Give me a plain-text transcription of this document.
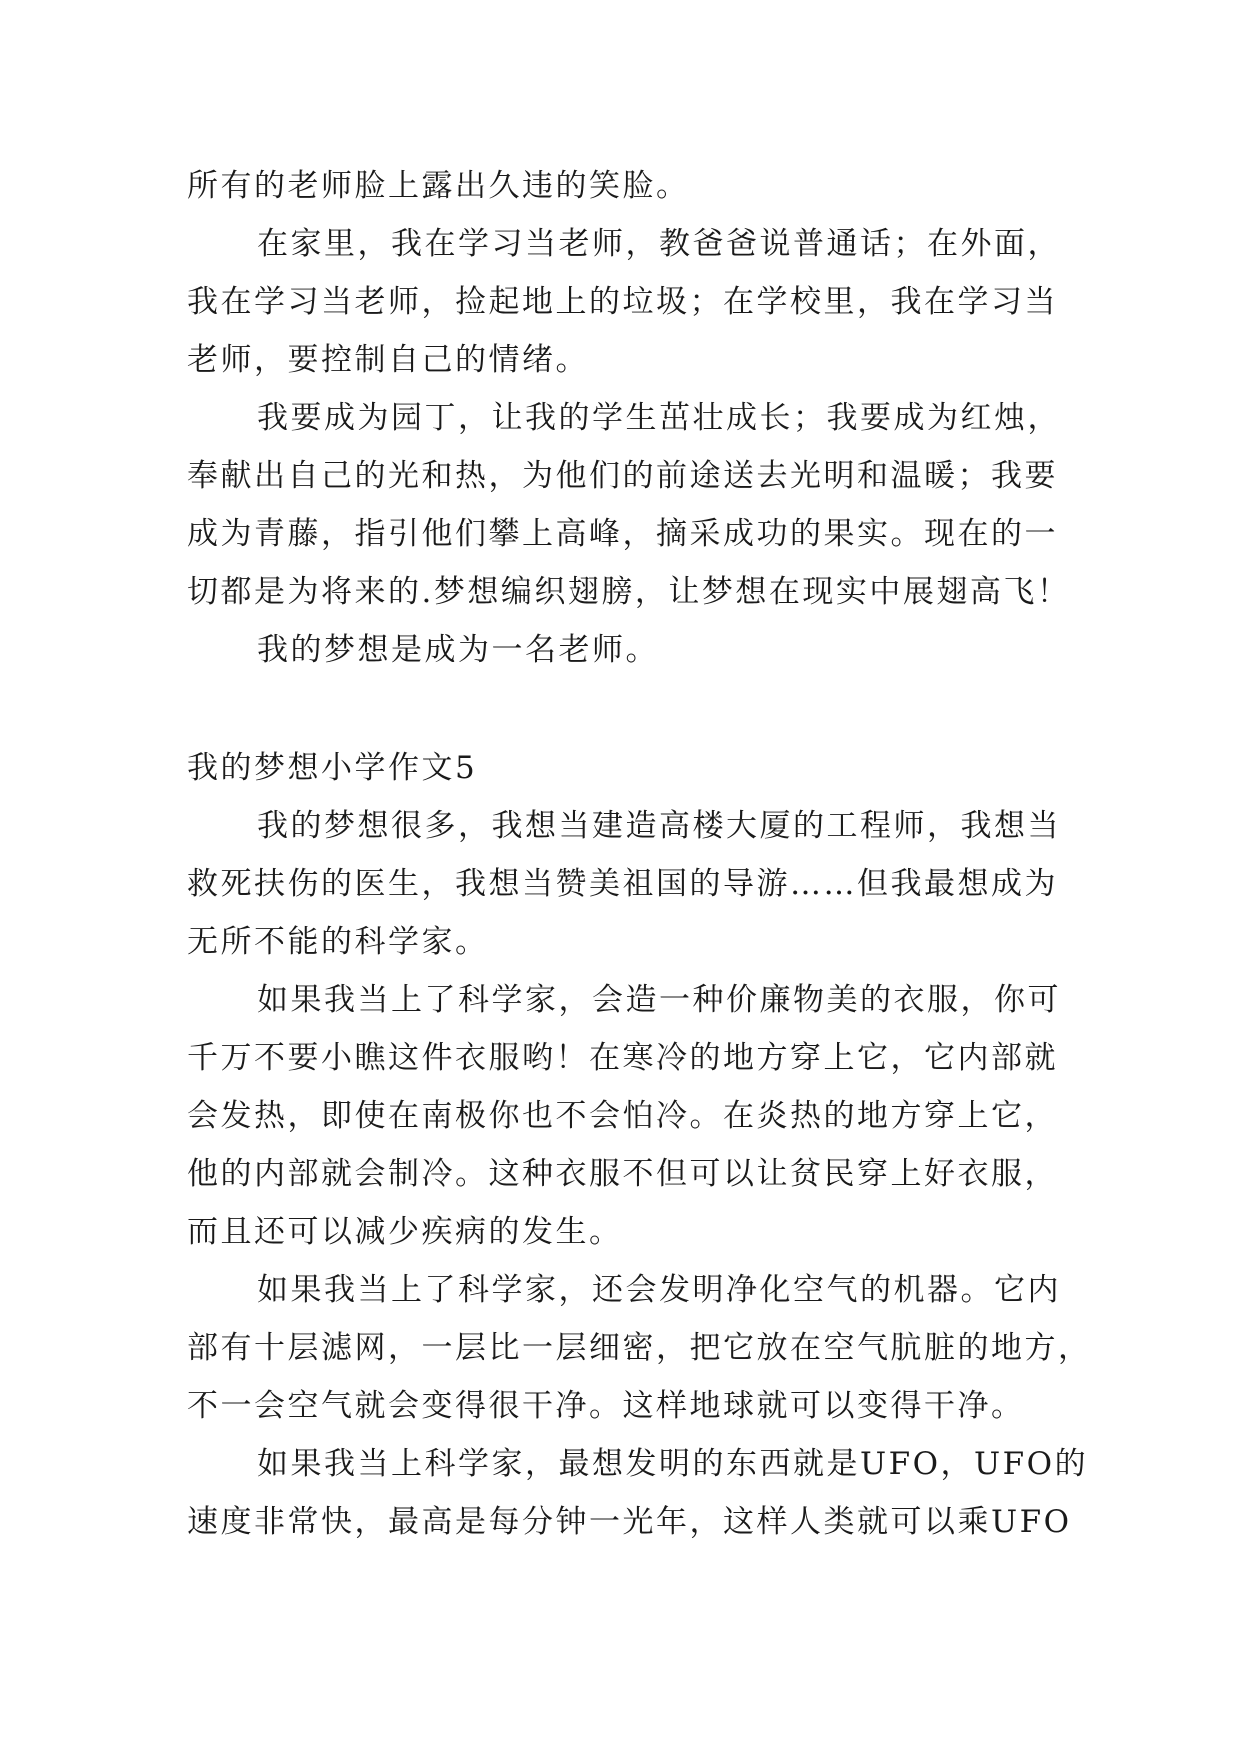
所有的老师脸上露出久违的笑脸。
在家里，我在学习当老师，教爸爸说普通话；在外面，
我在学习当老师，捡起地上的垃圾；在学校里，我在学习当
老师，要控制自己的情绪。
我要成为园丁，让我的学生茁壮成长；我要成为红烛，
奉献出自己的光和热，为他们的前途送去光明和温暖；我要
成为青藤，指引他们攀上高峰，摘采成功的果实。现在的一
切都是为将来的.梦想编织翅膀，让梦想在现实中展翅高飞！
我的梦想是成为一名老师。
我的梦想小学作文5
我的梦想很多，我想当建造高楼大厦的工程师，我想当
救死扶伤的医生，我想当赞美祖国的导游……但我最想成为
无所不能的科学家。
如果我当上了科学家，会造一种价廉物美的衣服，你可
千万不要小瞧这件衣服哟！在寒冷的地方穿上它，它内部就
会发热，即使在南极你也不会怕冷。在炎热的地方穿上它，
他的内部就会制冷。这种衣服不但可以让贫民穿上好衣服，
而且还可以减少疾病的发生。
如果我当上了科学家，还会发明净化空气的机器。它内
部有十层滤网，一层比一层细密，把它放在空气肮脏的地方，
不一会空气就会变得很干净。这样地球就可以变得干净。
如果我当上科学家，最想发明的东西就是UFO，UFO的
速度非常快，最高是每分钟一光年，这样人类就可以乘UFO
